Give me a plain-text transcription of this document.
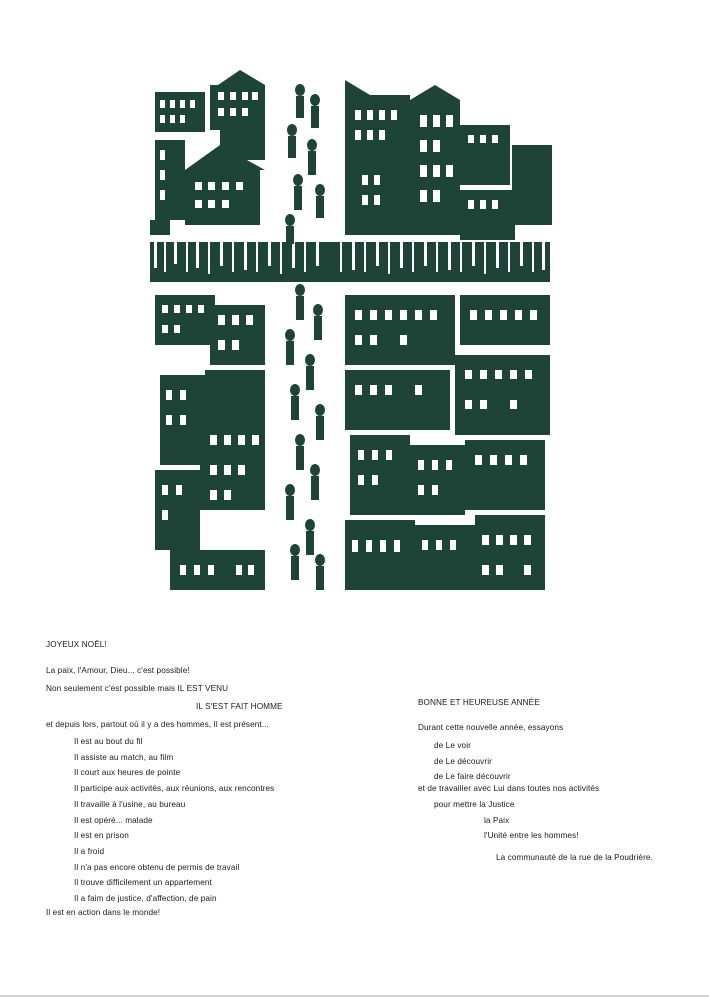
JOYEUX NOËL!
La paix, l'Amour, Dieu... c'est possible!
Non seulement c'est possible mais IL EST VENU
IL S'EST FAIT HOMME
et depuis lors, partout où il y a des hommes, Il est présent...
Il est au bout du fil
Il assiste au match, au film
Il court aux heures de pointe
Il participe aux activités, aux réunions, aux rencontres
Il travaille à l'usine, au bureau
Il est opéré... malade
Il est en prison
Il a froid
Il n'a pas encore obtenu de permis de travail
Il trouve difficilement un appartement
Il a faim de justice, d'affection, de pain
Il est en action dans le monde!
BONNE ET HEUREUSE ANNÉE
Durant cette nouvelle année, essayons
de Le voir
de Le découvrir
de Le faire découvrir
et de travailler avec Lui dans toutes nos activités
pour mettre la Justice
la Paix
l'Unité entre les hommes!
La communauté de la rue de la Poudrière.
